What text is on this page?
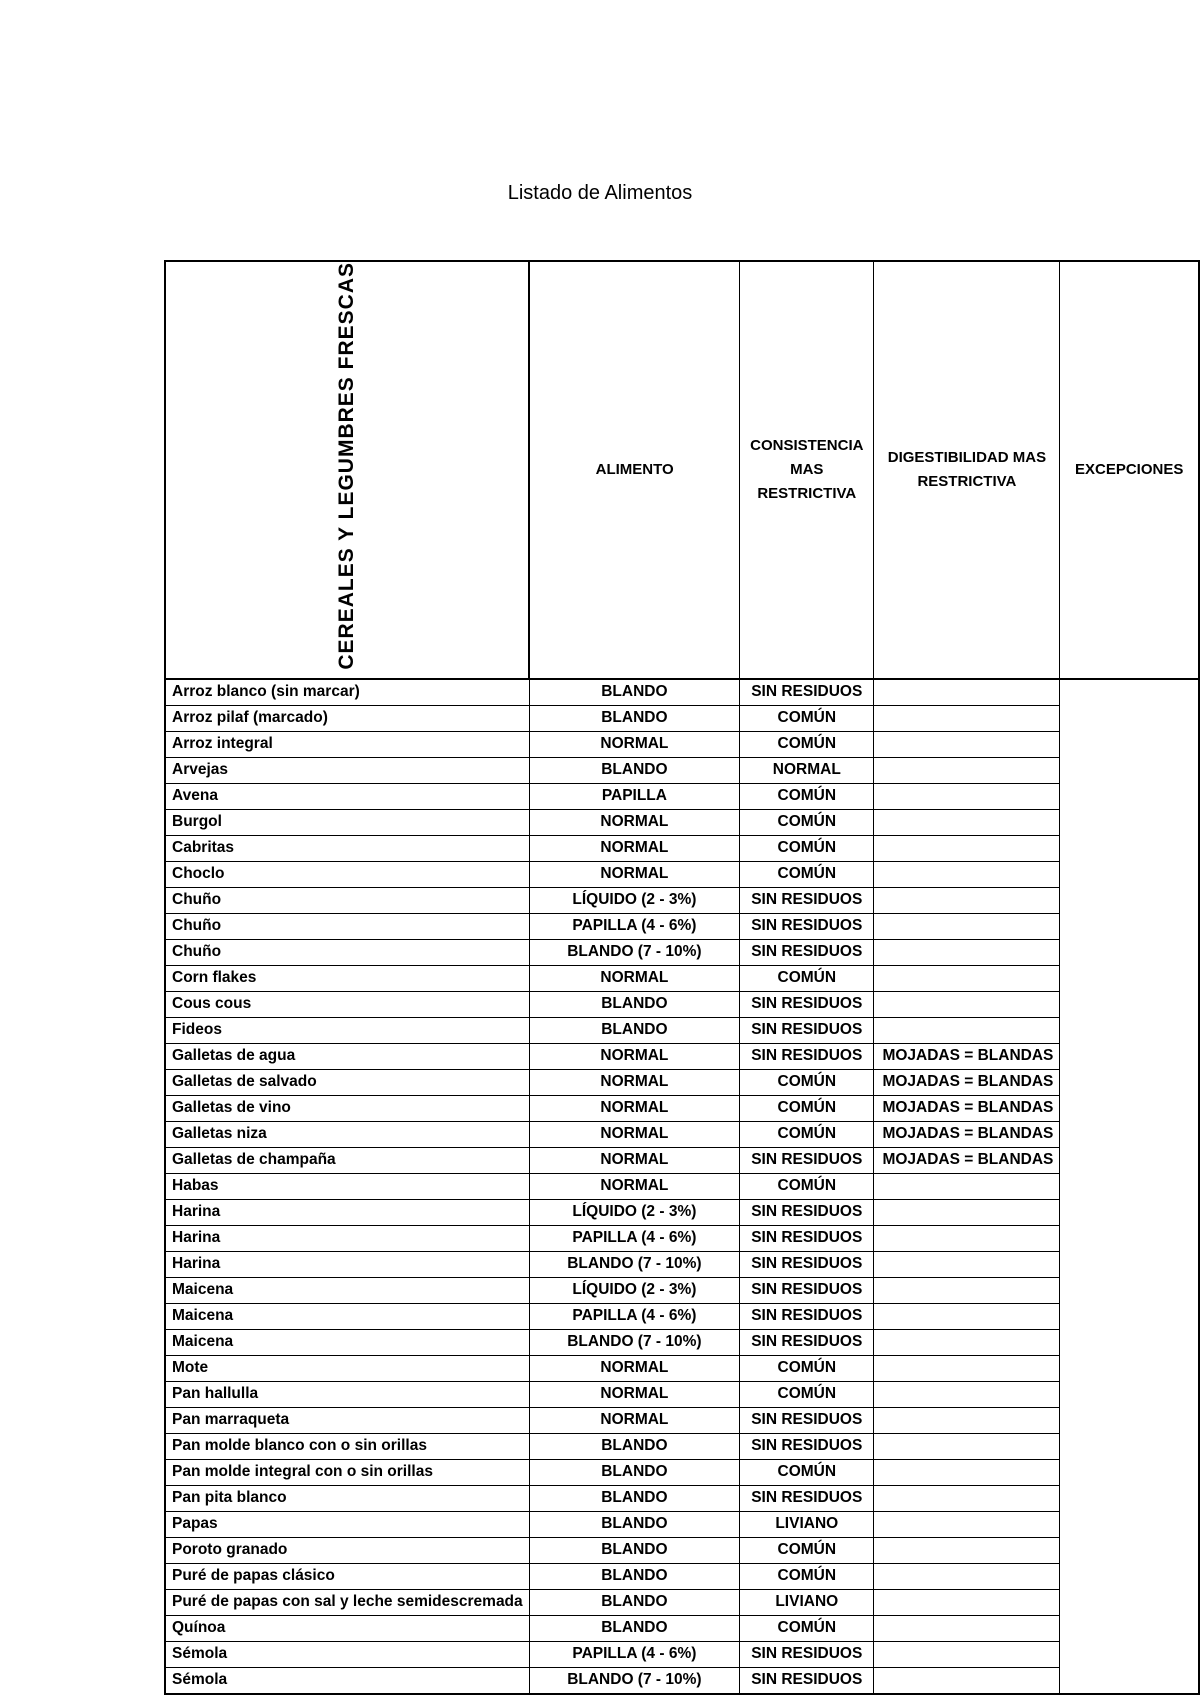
Listado de Alimentos
CEREALES Y LEGUMBRES FRESCAS	ALIMENTO	CONSISTENCIA MAS RESTRICTIVA	DIGESTIBILIDAD MAS RESTRICTIVA	EXCEPCIONES
Arroz blanco (sin marcar)	BLANDO	SIN RESIDUOS		
Arroz pilaf (marcado)	BLANDO	COMÚN		
Arroz integral	NORMAL	COMÚN		
Arvejas	BLANDO	NORMAL		
Avena	PAPILLA	COMÚN		
Burgol	NORMAL	COMÚN		
Cabritas	NORMAL	COMÚN		
Choclo	NORMAL	COMÚN		
Chuño	LÍQUIDO (2 - 3%)	SIN RESIDUOS		
Chuño	PAPILLA (4 - 6%)	SIN RESIDUOS		
Chuño	BLANDO (7 - 10%)	SIN RESIDUOS		
Corn flakes	NORMAL	COMÚN		
Cous cous	BLANDO	SIN RESIDUOS		
Fideos	BLANDO	SIN RESIDUOS		
Galletas de agua	NORMAL	SIN RESIDUOS	MOJADAS = BLANDAS	
Galletas de salvado	NORMAL	COMÚN	MOJADAS = BLANDAS	
Galletas de vino	NORMAL	COMÚN	MOJADAS = BLANDAS	
Galletas niza	NORMAL	COMÚN	MOJADAS = BLANDAS	
Galletas de champaña	NORMAL	SIN RESIDUOS	MOJADAS = BLANDAS	
Habas	NORMAL	COMÚN		
Harina	LÍQUIDO (2 - 3%)	SIN RESIDUOS		
Harina	PAPILLA (4 - 6%)	SIN RESIDUOS		
Harina	BLANDO (7 - 10%)	SIN RESIDUOS		
Maicena	LÍQUIDO (2 - 3%)	SIN RESIDUOS		
Maicena	PAPILLA (4 - 6%)	SIN RESIDUOS		
Maicena	BLANDO (7 - 10%)	SIN RESIDUOS		
Mote	NORMAL	COMÚN		
Pan hallulla	NORMAL	COMÚN		
Pan marraqueta	NORMAL	SIN RESIDUOS		
Pan molde blanco con o sin orillas	BLANDO	SIN RESIDUOS		
Pan molde integral con o sin orillas	BLANDO	COMÚN		
Pan pita blanco	BLANDO	SIN RESIDUOS		
Papas	BLANDO	LIVIANO		
Poroto granado	BLANDO	COMÚN		
Puré de papas clásico	BLANDO	COMÚN		
Puré de papas con sal y leche semidescremada	BLANDO	LIVIANO		
Quínoa	BLANDO	COMÚN		
Sémola	PAPILLA (4 - 6%)	SIN RESIDUOS		
Sémola	BLANDO (7 - 10%)	SIN RESIDUOS		
